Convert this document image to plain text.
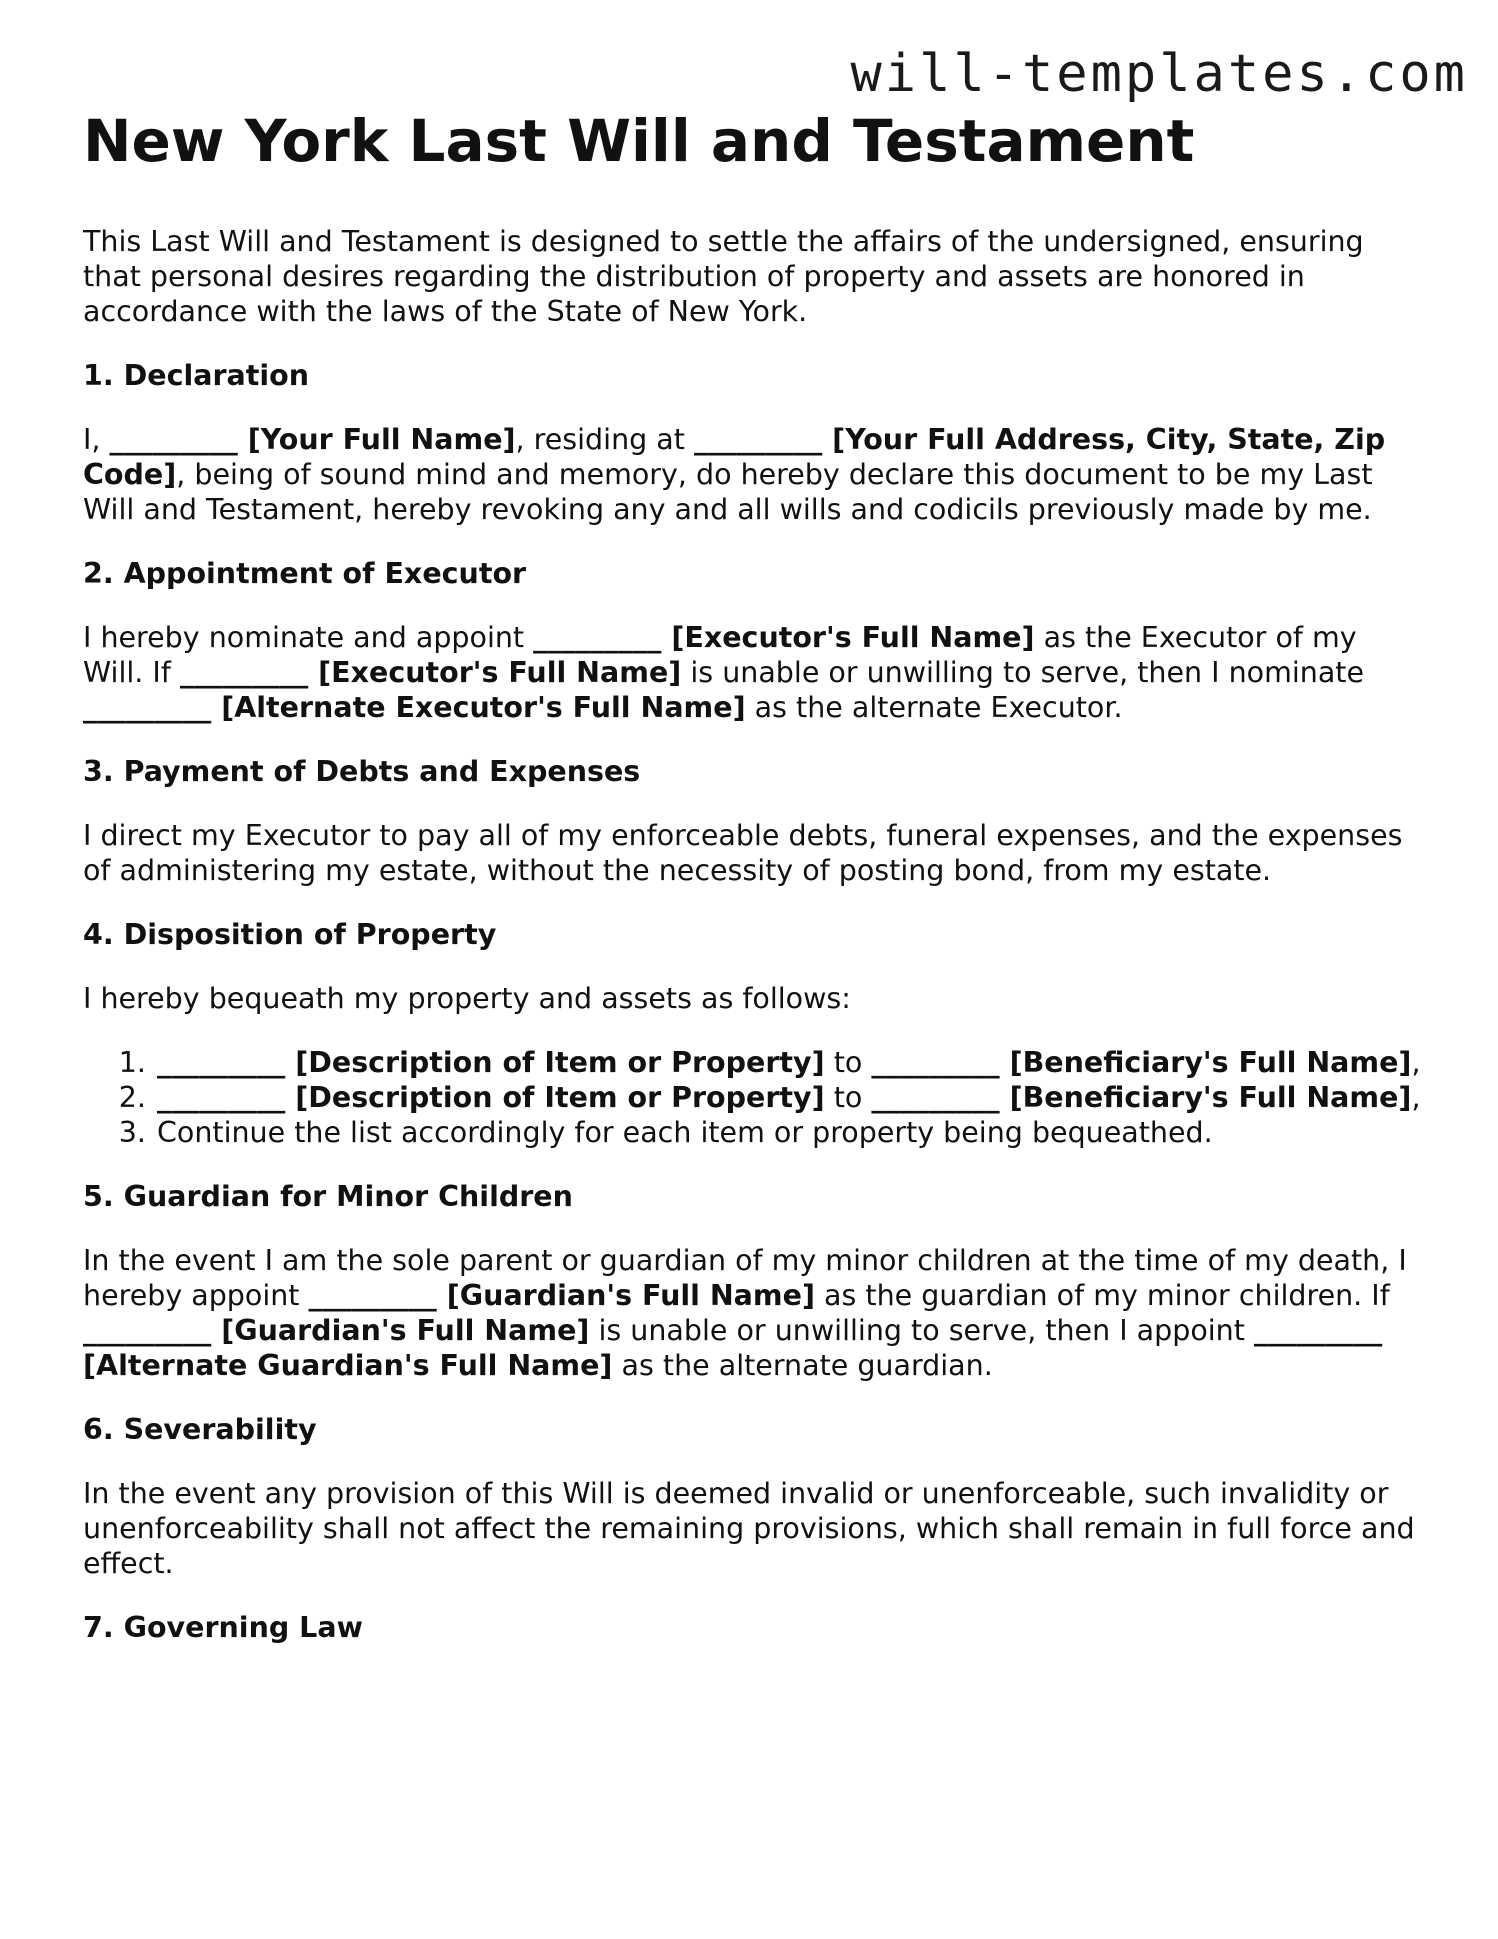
will-templates.com
New York Last Will and Testament

This Last Will and Testament is designed to settle the affairs of the undersigned, ensuring that personal desires regarding the distribution of property and assets are honored in accordance with the laws of the State of New York.

1. Declaration

I, _________ [Your Full Name], residing at _________ [Your Full Address, City, State, Zip Code], being of sound mind and memory, do hereby declare this document to be my Last Will and Testament, hereby revoking any and all wills and codicils previously made by me.

2. Appointment of Executor

I hereby nominate and appoint _________ [Executor's Full Name] as the Executor of my Will. If _________ [Executor's Full Name] is unable or unwilling to serve, then I nominate _________ [Alternate Executor's Full Name] as the alternate Executor.

3. Payment of Debts and Expenses

I direct my Executor to pay all of my enforceable debts, funeral expenses, and the expenses of administering my estate, without the necessity of posting bond, from my estate.

4. Disposition of Property

I hereby bequeath my property and assets as follows:

1. _________ [Description of Item or Property] to _________ [Beneficiary's Full Name],
2. _________ [Description of Item or Property] to _________ [Beneficiary's Full Name],
3. Continue the list accordingly for each item or property being bequeathed.
5. Guardian for Minor Children

In the event I am the sole parent or guardian of my minor children at the time of my death, I hereby appoint _________ [Guardian's Full Name] as the guardian of my minor children. If _________ [Guardian's Full Name] is unable or unwilling to serve, then I appoint _________ [Alternate Guardian's Full Name] as the alternate guardian.

6. Severability

In the event any provision of this Will is deemed invalid or unenforceable, such invalidity or unenforceability shall not affect the remaining provisions, which shall remain in full force and effect.

7. Governing Law
